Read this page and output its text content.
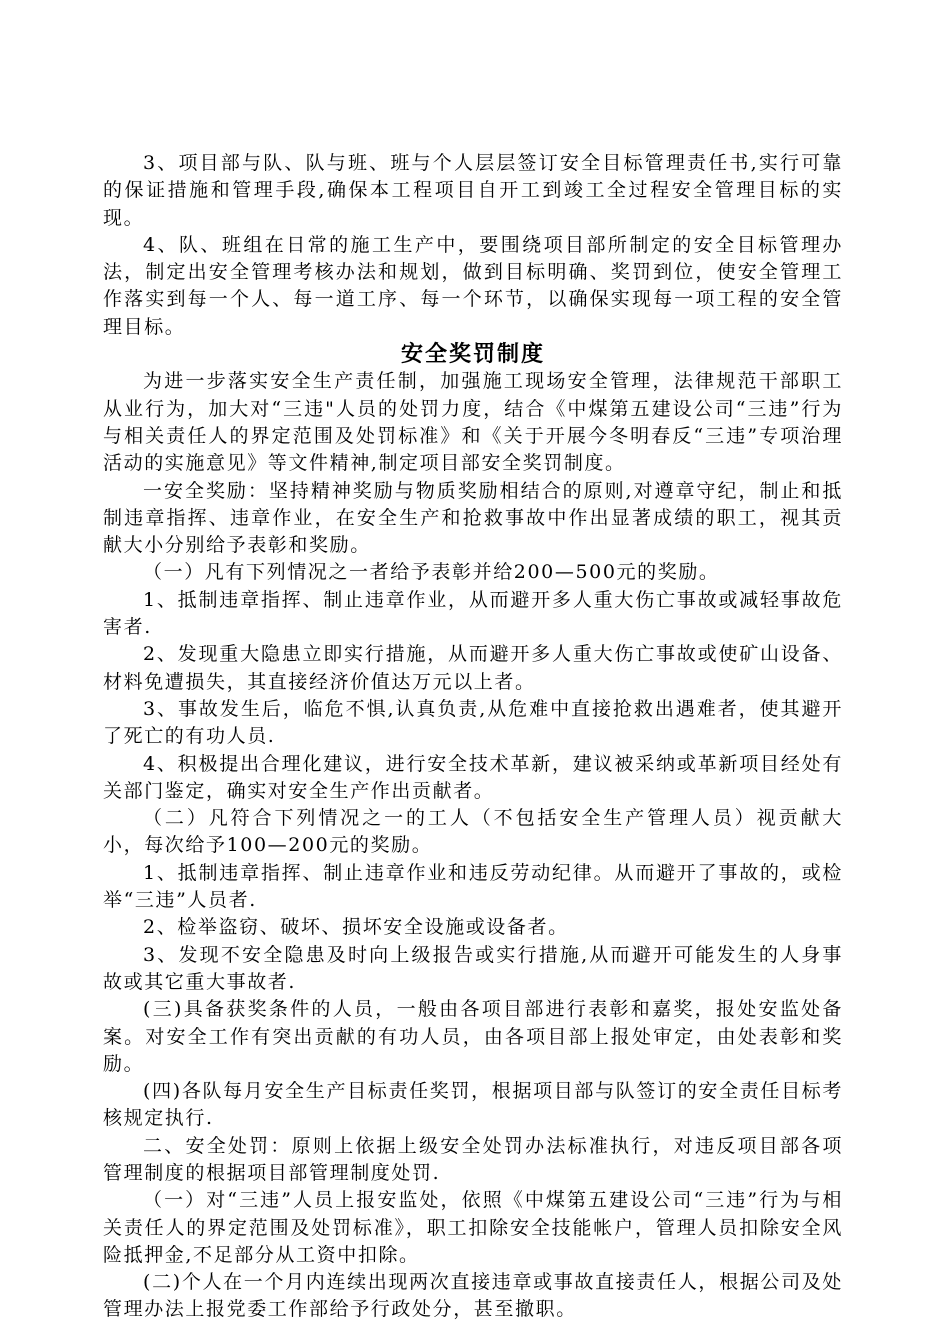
3、项目部与队、队与班、班与个人层层签订安全目标管理责任书,实行可靠的保证措施和管理手段,确保本工程项目自开工到竣工全过程安全管理目标的实现。

4、队、班组在日常的施工生产中，要围绕项目部所制定的安全目标管理办法，制定出安全管理考核办法和规划，做到目标明确、奖罚到位，使安全管理工作落实到每一个人、每一道工序、每一个环节，以确保实现每一项工程的安全管理目标。

安全奖罚制度

为进一步落实安全生产责任制，加强施工现场安全管理，法律规范干部职工从业行为，加大对“三违"人员的处罚力度，结合《中煤第五建设公司“三违”行为与相关责任人的界定范围及处罚标准》和《关于开展今冬明春反“三违”专项治理活动的实施意见》等文件精神,制定项目部安全奖罚制度。

一安全奖励：坚持精神奖励与物质奖励相结合的原则,对遵章守纪，制止和抵制违章指挥、违章作业，在安全生产和抢救事故中作出显著成绩的职工，视其贡献大小分别给予表彰和奖励。

（一）凡有下列情况之一者给予表彰并给200—500元的奖励。

1、抵制违章指挥、制止违章作业，从而避开多人重大伤亡事故或减轻事故危害者.

2、发现重大隐患立即实行措施，从而避开多人重大伤亡事故或使矿山设备、材料免遭损失，其直接经济价值达万元以上者。

3、事故发生后，临危不惧,认真负责,从危难中直接抢救出遇难者，使其避开了死亡的有功人员.

4、积极提出合理化建议，进行安全技术革新，建议被采纳或革新项目经处有关部门鉴定，确实对安全生产作出贡献者。

（二）凡符合下列情况之一的工人（不包括安全生产管理人员）视贡献大小，每次给予100—200元的奖励。

1、抵制违章指挥、制止违章作业和违反劳动纪律。从而避开了事故的，或检举“三违”人员者.

2、检举盗窃、破坏、损坏安全设施或设备者。

3、发现不安全隐患及时向上级报告或实行措施,从而避开可能发生的人身事故或其它重大事故者.

(三)具备获奖条件的人员，一般由各项目部进行表彰和嘉奖，报处安监处备案。对安全工作有突出贡献的有功人员，由各项目部上报处审定，由处表彰和奖励。

(四)各队每月安全生产目标责任奖罚，根据项目部与队签订的安全责任目标考核规定执行.

二、安全处罚：原则上依据上级安全处罚办法标准执行，对违反项目部各项管理制度的根据项目部管理制度处罚.

（一）对“三违”人员上报安监处，依照《中煤第五建设公司“三违”行为与相关责任人的界定范围及处罚标准》，职工扣除安全技能帐户，管理人员扣除安全风险抵押金,不足部分从工资中扣除。

(二)个人在一个月内连续出现两次直接违章或事故直接责任人，根据公司及处管理办法上报党委工作部给予行政处分，甚至撤职。
